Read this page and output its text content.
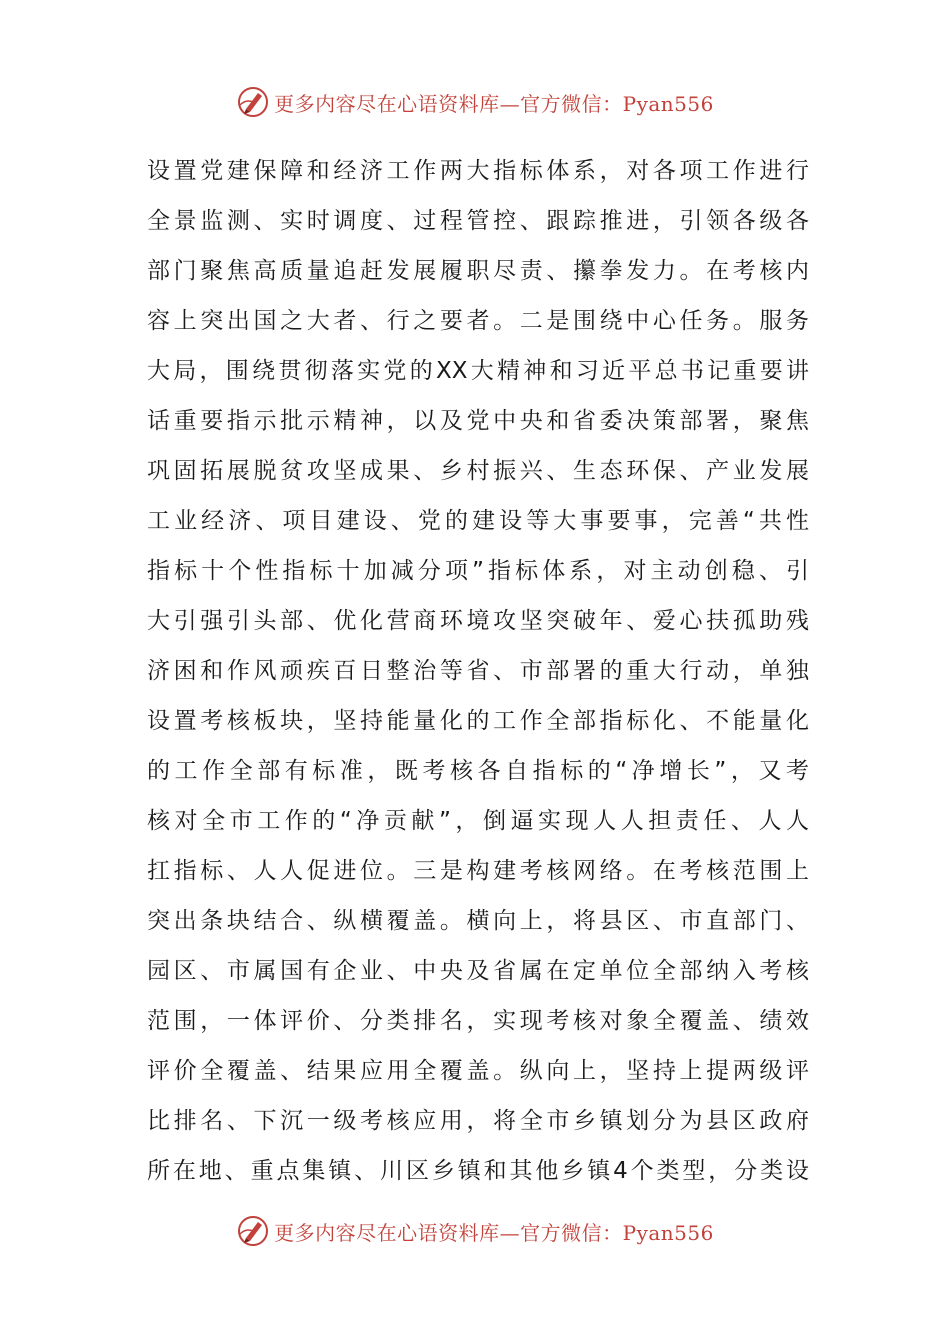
更多内容尽在心语资料库—官方微信：Pyan556
设置党建保障和经济工作两大指标体系，对各项工作进行
全景监测、实时调度、过程管控、跟踪推进，引领各级各
部门聚焦高质量追赶发展履职尽责、攥拳发力。在考核内
容上突出国之大者、行之要者。二是围绕中心任务。服务
大局，围绕贯彻落实党的XX大精神和习近平总书记重要讲
话重要指示批示精神，以及党中央和省委决策部署，聚焦
巩固拓展脱贫攻坚成果、乡村振兴、生态环保、产业发展
工业经济、项目建设、党的建设等大事要事，完善“共性
指标十个性指标十加减分项”指标体系，对主动创稳、引
大引强引头部、优化营商环境攻坚突破年、爱心扶孤助残
济困和作风顽疾百日整治等省、市部署的重大行动，单独
设置考核板块，坚持能量化的工作全部指标化、不能量化
的工作全部有标准，既考核各自指标的“净增长”，又考
核对全市工作的“净贡献”，倒逼实现人人担责任、人人
扛指标、人人促进位。三是构建考核网络。在考核范围上
突出条块结合、纵横覆盖。横向上，将县区、市直部门、
园区、市属国有企业、中央及省属在定单位全部纳入考核
范围，一体评价、分类排名，实现考核对象全覆盖、绩效
评价全覆盖、结果应用全覆盖。纵向上，坚持上提两级评
比排名、下沉一级考核应用，将全市乡镇划分为县区政府
所在地、重点集镇、川区乡镇和其他乡镇4个类型，分类设
更多内容尽在心语资料库—官方微信：Pyan556
